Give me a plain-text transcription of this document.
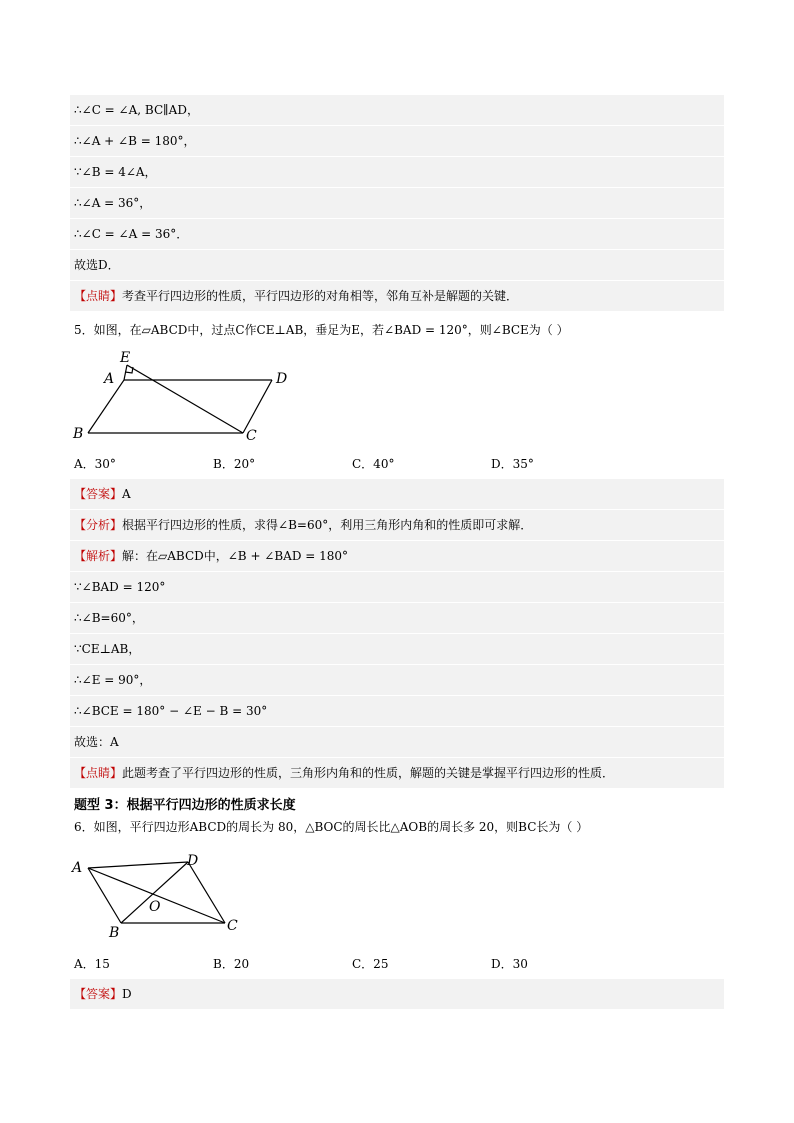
∴∠C = ∠A, BC∥AD，
∴∠A + ∠B = 180°，
∵∠B = 4∠A，
∴∠A = 36°，
∴∠C = ∠A = 36°．
故选D．
【点睛】考查平行四边形的性质，平行四边形的对角相等，邻角互补是解题的关键．
5．如图，在▱ABCD中，过点C作CE⊥AB，垂足为E，若∠BAD = 120°，则∠BCE为（ ）
E
A	D
B	C
A．30°	B．20°	C．40°	D．35°
【答案】A
【分析】根据平行四边形的性质，求得∠B=60°，利用三角形内角和的性质即可求解．
【解析】解：在▱ABCD中，∠B + ∠BAD = 180°
∵∠BAD = 120°
∴∠B=60°，
∵CE⊥AB，
∴∠E = 90°，
∴∠BCE = 180° − ∠E − B = 30°
故选：A
【点睛】此题考查了平行四边形的性质，三角形内角和的性质，解题的关键是掌握平行四边形的性质．
题型 3：根据平行四边形的性质求长度
6．如图，平行四边形ABCD的周长为 80，△BOC的周长比△AOB的周长多 20，则BC长为（ ）
A	D
O
B	C
A．15	B．20	C．25	D．30
【答案】D
